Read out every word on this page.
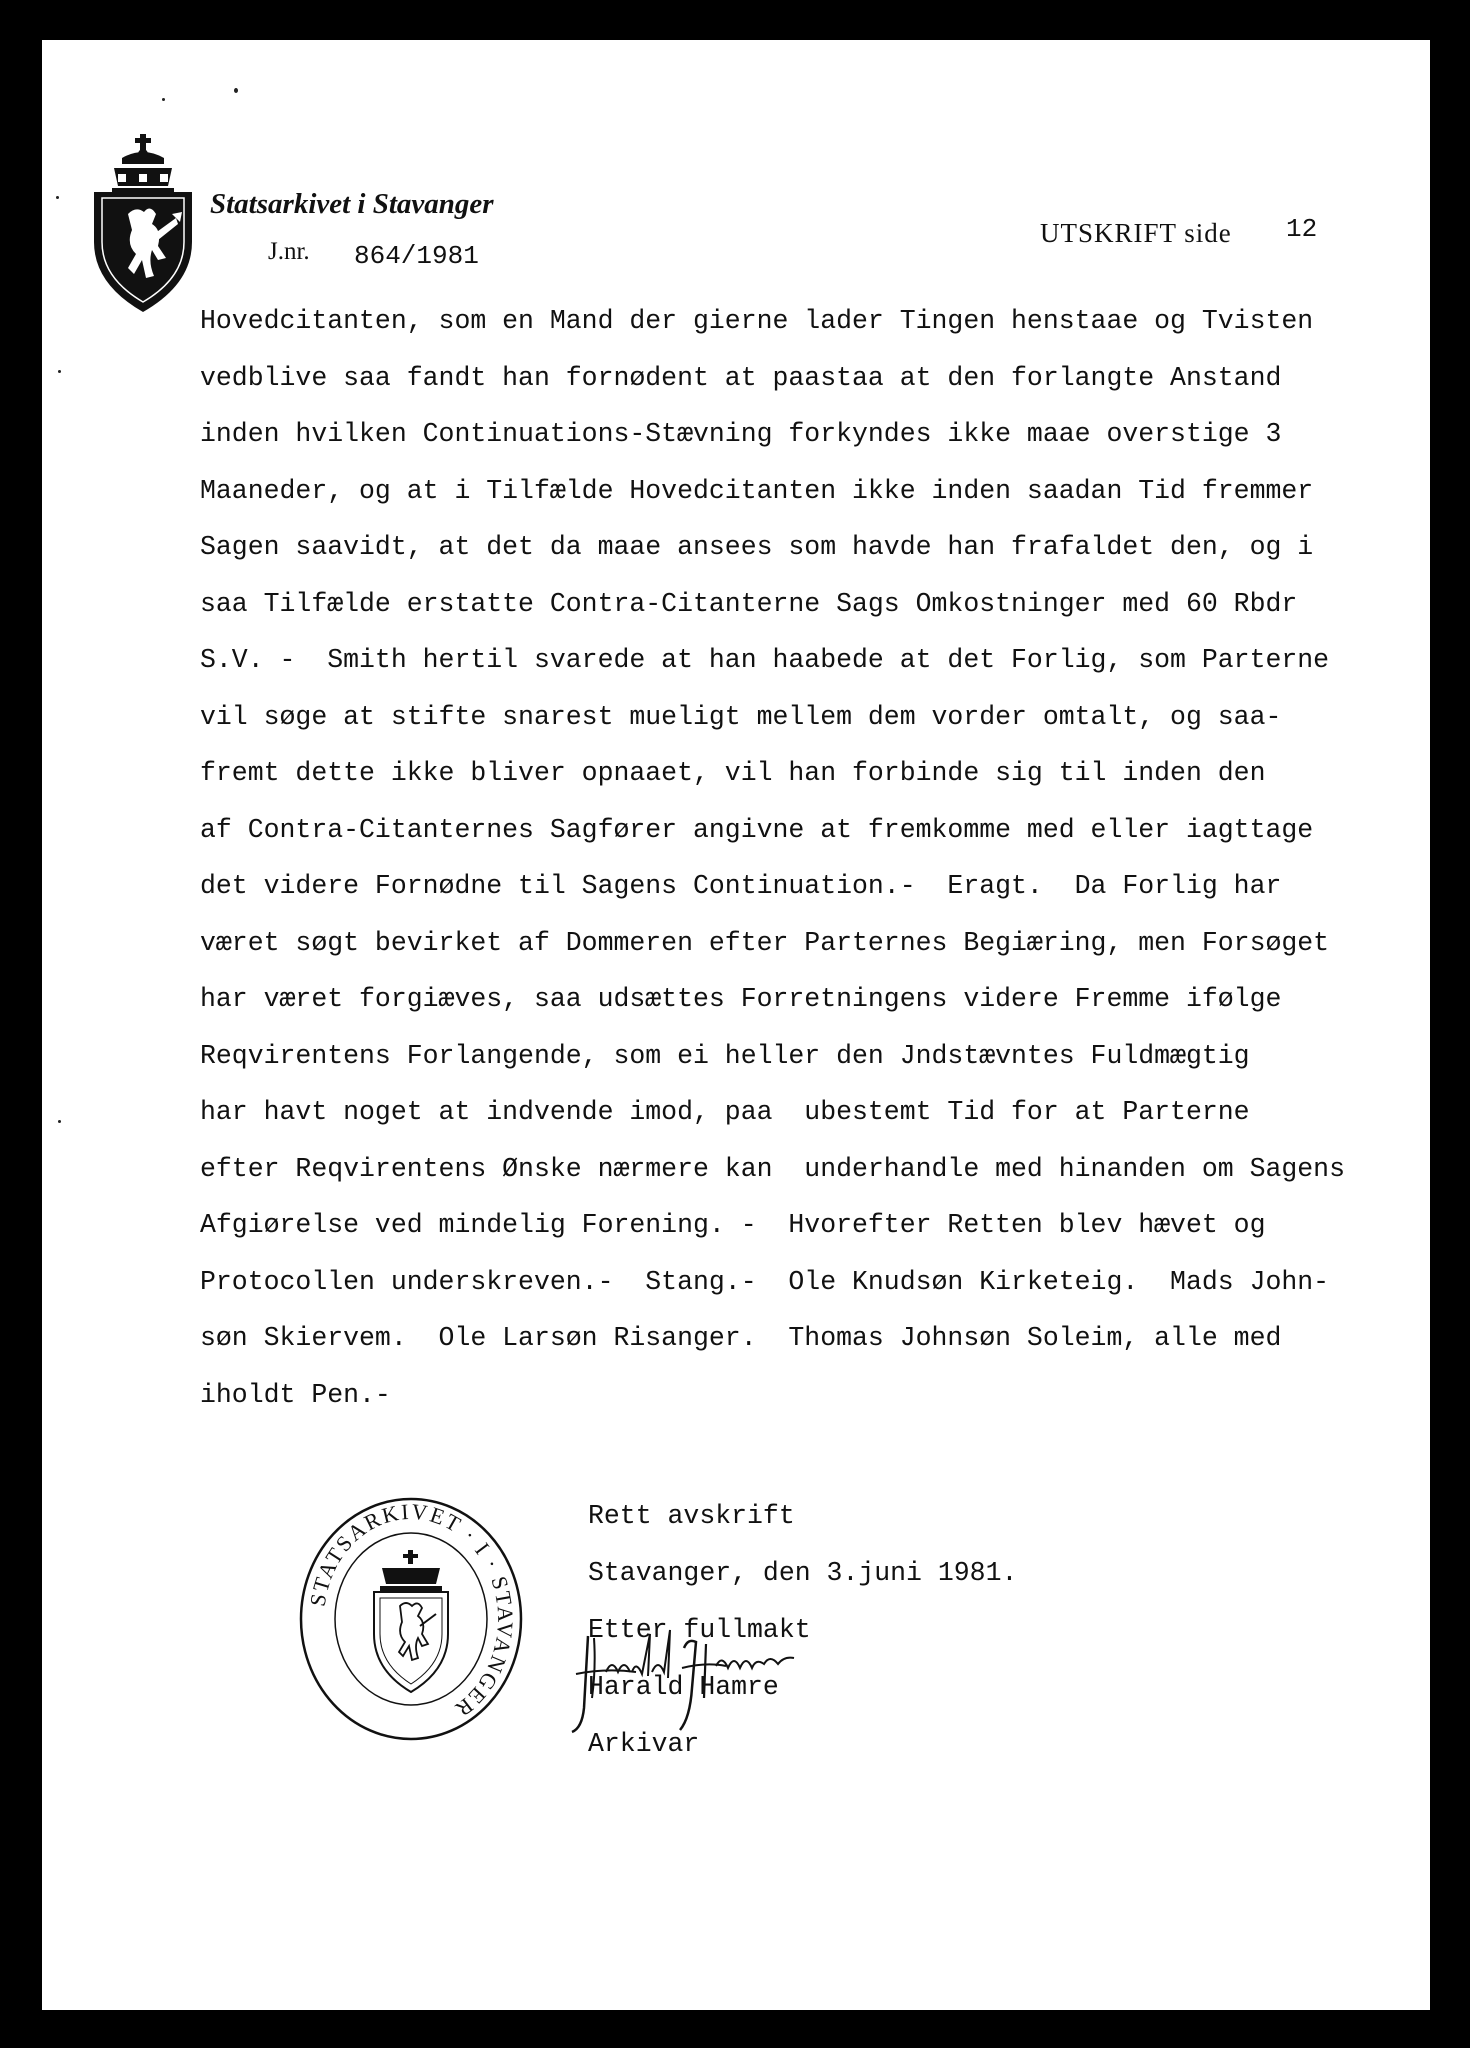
Statsarkivet i Stavanger
J.nr. 864/1981
UTSKRIFT side 12
Hovedcitanten, som en Mand der gierne lader Tingen henstaae og Tvisten
vedblive saa fandt han fornødent at paastaa at den forlangte Anstand
inden hvilken Continuations-Stævning forkyndes ikke maae overstige 3
Maaneder, og at i Tilfælde Hovedcitanten ikke inden saadan Tid fremmer
Sagen saavidt, at det da maae ansees som havde han frafaldet den, og i
saa Tilfælde erstatte Contra-Citanterne Sags Omkostninger med 60 Rbdr
S.V. -  Smith hertil svarede at han haabede at det Forlig, som Parterne
vil søge at stifte snarest mueligt mellem dem vorder omtalt, og saa-
fremt dette ikke bliver opnaaet, vil han forbinde sig til inden den
af Contra-Citanternes Sagfører angivne at fremkomme med eller iagttage
det videre Fornødne til Sagens Continuation.-  Eragt.  Da Forlig har
været søgt bevirket af Dommeren efter Parternes Begiæring, men Forsøget
har været forgiæves, saa udsættes Forretningens videre Fremme ifølge
Reqvirentens Forlangende, som ei heller den Jndstævntes Fuldmægtig
har havt noget at indvende imod, paa  ubestemt Tid for at Parterne
efter Reqvirentens Ønske nærmere kan  underhandle med hinanden om Sagens
Afgiørelse ved mindelig Forening. -  Hvorefter Retten blev hævet og
Protocollen underskreven.-  Stang.-  Ole Knudsøn Kirketeig.  Mads John-
søn Skiervem.  Ole Larsøn Risanger.  Thomas Johnsøn Soleim, alle med
iholdt Pen.-
STATSARKIVET · I · STAVANGER
Rett avskrift
Stavanger, den 3.juni 1981.
Etter fullmakt
Harald Hamre
Arkivar
